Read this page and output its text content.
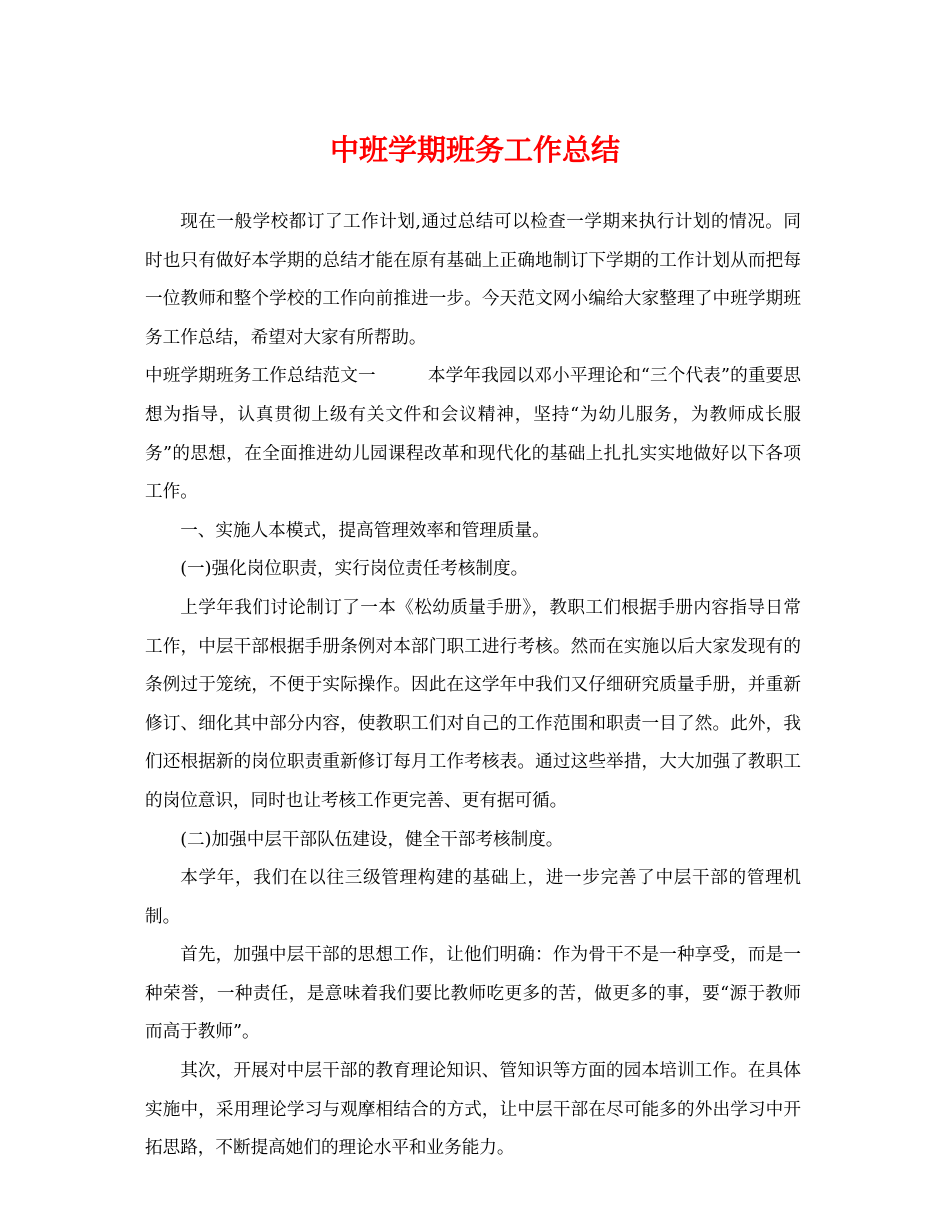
中班学期班务工作总结

现在一般学校都订了工作计划,通过总结可以检查一学期来执行计划的情况。同时也只有做好本学期的总结才能在原有基础上正确地制订下学期的工作计划从而把每一位教师和整个学校的工作向前推进一步。今天范文网小编给大家整理了中班学期班务工作总结，希望对大家有所帮助。

中班学期班务工作总结范文一	本学年我园以邓小平理论和“三个代表”的重要思想为指导，认真贯彻上级有关文件和会议精神，坚持“为幼儿服务，为教师成长服务”的思想，在全面推进幼儿园课程改革和现代化的基础上扎扎实实地做好以下各项工作。

一、实施人本模式，提高管理效率和管理质量。

(一)强化岗位职责，实行岗位责任考核制度。

上学年我们讨论制订了一本《松幼质量手册》，教职工们根据手册内容指导日常工作，中层干部根据手册条例对本部门职工进行考核。然而在实施以后大家发现有的条例过于笼统，不便于实际操作。因此在这学年中我们又仔细研究质量手册，并重新修订、细化其中部分内容，使教职工们对自己的工作范围和职责一目了然。此外，我们还根据新的岗位职责重新修订每月工作考核表。通过这些举措，大大加强了教职工的岗位意识，同时也让考核工作更完善、更有据可循。

(二)加强中层干部队伍建设，健全干部考核制度。

本学年，我们在以往三级管理构建的基础上，进一步完善了中层干部的管理机制。

首先，加强中层干部的思想工作，让他们明确：作为骨干不是一种享受，而是一种荣誉，一种责任，是意味着我们要比教师吃更多的苦，做更多的事，要“源于教师而高于教师”。

其次，开展对中层干部的教育理论知识、管知识等方面的园本培训工作。在具体实施中，采用理论学习与观摩相结合的方式，让中层干部在尽可能多的外出学习中开拓思路，不断提高她们的理论水平和业务能力。
